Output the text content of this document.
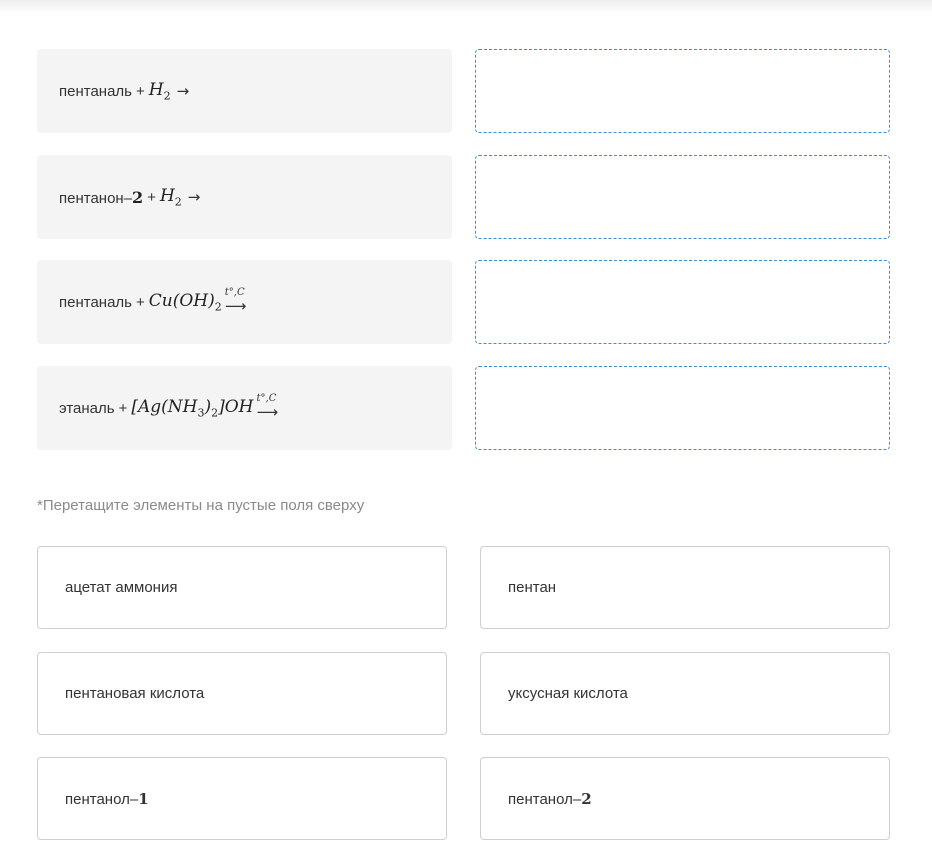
пентаналь + $H_2$ →
пентанон–2 + $H_2$ →
пентаналь + $Cu(OH)_2$
t°,C
⟶
этаналь + $[Ag(NH_3)_2]OH$ t°,C
⟶
*Перетащите элементы на пустые поля сверху
ацетат аммония	пентан
пентановая кислота	уксусная кислота
пентанол–1	пентанол–2
